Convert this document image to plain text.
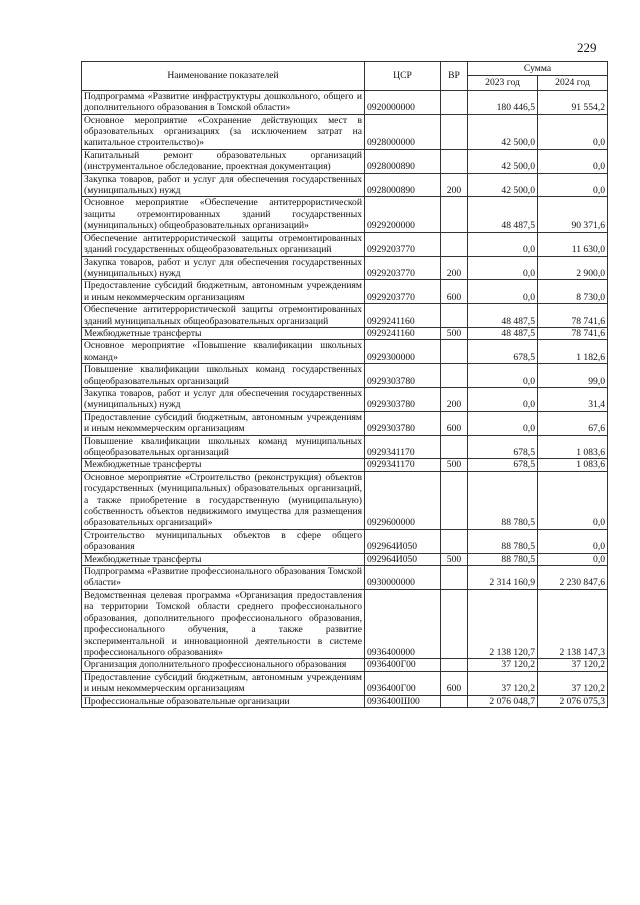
229
Наименование показателей	ЦСР	ВР	Сумма	
			2023 год	2024 год
Подпрограмма «Развитие инфраструктуры дошкольного, общего и дополнительного образования в Томской области»	0920000000		180 446,5	91 554,2
Основное мероприятие «Сохранение действующих мест в образовательных организациях (за исключением затрат на капитальное строительство)»	0928000000		42 500,0	0,0
Капитальный ремонт образовательных организаций (инструментальное обследование, проектная документация)	0928000890		42 500,0	0,0
Закупка товаров, работ и услуг для обеспечения государственных (муниципальных) нужд	0928000890	200	42 500,0	0,0
Основное мероприятие «Обеспечение антитеррористической защиты отремонтированных зданий государственных (муниципальных) общеобразовательных организаций»	0929200000		48 487,5	90 371,6
Обеспечение антитеррористической защиты отремонтированных зданий государственных общеобразовательных организаций	0929203770		0,0	11 630,0
Закупка товаров, работ и услуг для обеспечения государственных (муниципальных) нужд	0929203770	200	0,0	2 900,0
Предоставление субсидий бюджетным, автономным учреждениям и иным некоммерческим организациям	0929203770	600	0,0	8 730,0
Обеспечение антитеррористической защиты отремонтированных зданий муниципальных общеобразовательных организаций	0929241160		48 487,5	78 741,6
Межбюджетные трансферты	0929241160	500	48 487,5	78 741,6
Основное мероприятие «Повышение квалификации школьных команд»	0929300000		678,5	1 182,6
Повышение квалификации школьных команд государственных общеобразовательных организаций	0929303780		0,0	99,0
Закупка товаров, работ и услуг для обеспечения государственных (муниципальных) нужд	0929303780	200	0,0	31,4
Предоставление субсидий бюджетным, автономным учреждениям и иным некоммерческим организациям	0929303780	600	0,0	67,6
Повышение квалификации школьных команд муниципальных общеобразовательных организаций	0929341170		678,5	1 083,6
Межбюджетные трансферты	0929341170	500	678,5	1 083,6
Основное мероприятие «Строительство (реконструкция) объектов государственных (муниципальных) образовательных организаций, а также приобретение в государственную (муниципальную) собственность объектов недвижимого имущества для размещения образовательных организаций»	0929600000		88 780,5	0,0
Строительство муниципальных объектов в сфере общего образования	092964И050		88 780,5	0,0
Межбюджетные трансферты	092964И050	500	88 780,5	0,0
Подпрограмма «Развитие профессионального образования Томской области»	0930000000		2 314 160,9	2 230 847,6
Ведомственная целевая программа «Организация предоставления на территории Томской области среднего профессионального образования, дополнительного профессионального образования, профессионального обучения, а также развитие экспериментальной и инновационной деятельности в системе профессионального образования»	0936400000		2 138 120,7	2 138 147,3
Организация дополнительного профессионального образования	0936400Г00		37 120,2	37 120,2
Предоставление субсидий бюджетным, автономным учреждениям и иным некоммерческим организациям	0936400Г00	600	37 120,2	37 120,2
Профессиональные образовательные организации	0936400Ш00		2 076 048,7	2 076 075,3
